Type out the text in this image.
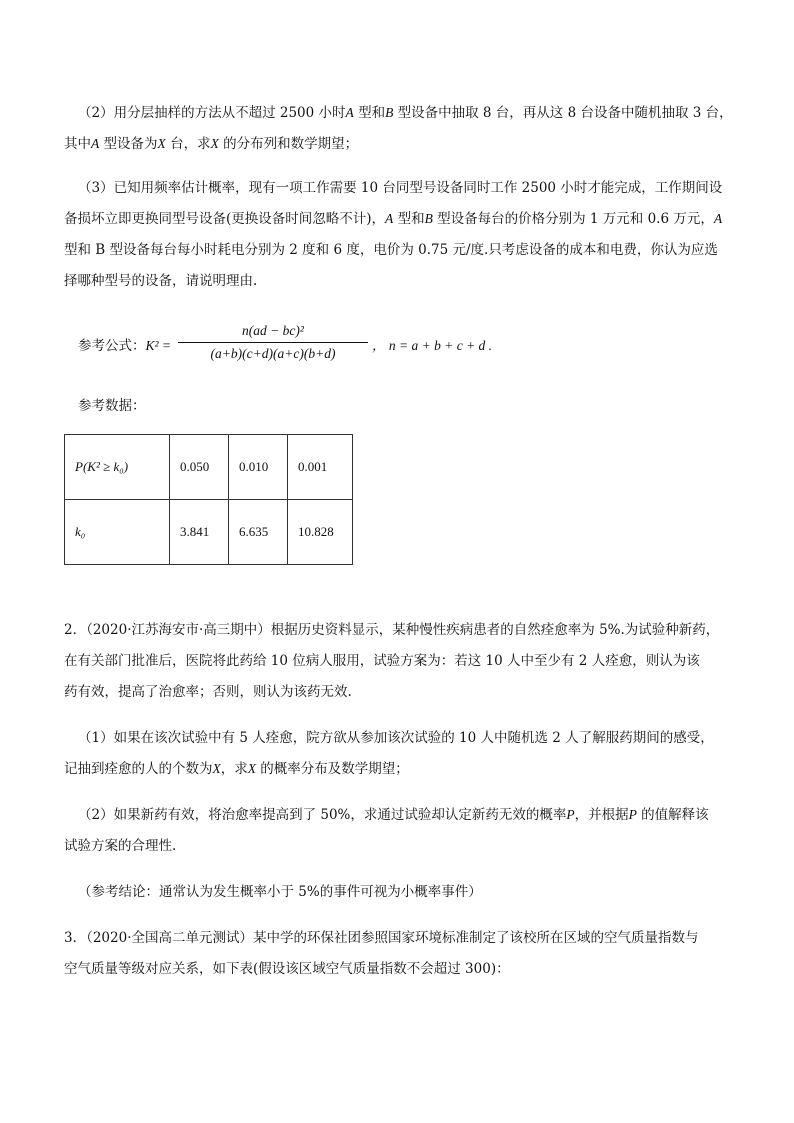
（2）用分层抽样的方法从不超过 2500 小时A 型和B 型设备中抽取 8 台，再从这 8 台设备中随机抽取 3 台，
其中A 型设备为X 台，求X 的分布列和数学期望；
（3）已知用频率估计概率，现有一项工作需要 10 台同型号设备同时工作 2500 小时才能完成，工作期间设
备损坏立即更换同型号设备(更换设备时间忽略不计)，A 型和B 型设备每台的价格分别为 1 万元和 0.6 万元，A
型和 B 型设备每台每小时耗电分别为 2 度和 6 度，电价为 0.75 元/度.只考虑设备的成本和电费，你认为应选
择哪种型号的设备，请说明理由.
参考公式：K² =
n(ad − bc)²
(a+b)(c+d)(a+c)(b+d)
， n = a + b + c + d .
参考数据：
P(K² ≥ k₀)	0.050	0.010	0.001
k₀	3.841	6.635	10.828
2．（2020·江苏海安市·高三期中）根据历史资料显示，某种慢性疾病患者的自然痊愈率为 5%.为试验种新药，
在有关部门批准后，医院将此药给 10 位病人服用，试验方案为：若这 10 人中至少有 2 人痊愈，则认为该
药有效，提高了治愈率；否则，则认为该药无效.
（1）如果在该次试验中有 5 人痊愈，院方欲从参加该次试验的 10 人中随机选 2 人了解服药期间的感受，
记抽到痊愈的人的个数为X，求X 的概率分布及数学期望；
（2）如果新药有效，将治愈率提高到了 50%，求通过试验却认定新药无效的概率P，并根据P 的值解释该
试验方案的合理性.
（参考结论：通常认为发生概率小于 5%的事件可视为小概率事件）
3．（2020·全国高二单元测试）某中学的环保社团参照国家环境标准制定了该校所在区域的空气质量指数与
空气质量等级对应关系，如下表(假设该区域空气质量指数不会超过 300)：
